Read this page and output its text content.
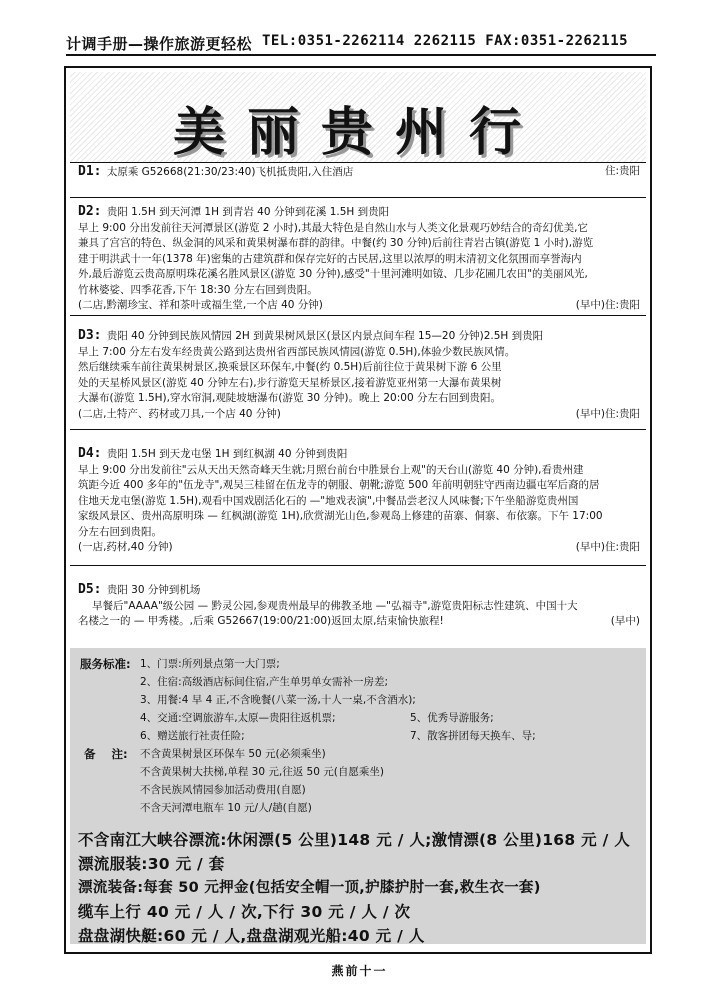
计调手册—操作旅游更轻松 TEL:0351-2262114 2262115 FAX:0351-2262115
美丽贵州行
D1: 太原乘 G52668(21:30/23:40)飞机抵贵阳,入住酒店	住:贵阳
D2: 贵阳 1.5H 到天河潭 1H 到青岩 40 分钟到花溪 1.5H 到贵阳
早上 9:00 分出发前往天河潭景区(游览 2 小时),其最大特色是自然山水与人类文化景观巧妙结合的奇幻优美,它
兼具了宫宫的特色、纵金洞的风采和黄果树瀑布群的韵律。中餐(约 30 分钟)后前往青岩古镇(游览 1 小时),游览
建于明洪武十一年(1378 年)密集的古建筑群和保存完好的古民居,这里以浓厚的明末清初文化氛围而享誉海内
外,最后游览云贵高原明珠花溪名胜风景区(游览 30 分钟),感受"十里河滩明如镜、几步花圃几农田"的美丽风光,
竹林婆娑、四季花香,下午 18:30 分左右回到贵阳。
(二店,黔潮珍宝、祥和茶叶或福生堂,一个店 40 分钟)	(早中)住:贵阳
D3: 贵阳 40 分钟到民族风情园 2H 到黄果树风景区(景区内景点间车程 15—20 分钟)2.5H 到贵阳
早上 7:00 分左右发车经贵黄公路到达贵州省西部民族风情园(游览 0.5H),体验少数民族风情。
然后继续乘车前往黄果树景区,换乘景区环保车,中餐(约 0.5H)后前往位于黄果树下游 6 公里
处的天星桥风景区(游览 40 分钟左右),步行游览天星桥景区,接着游览亚州第一大瀑布黄果树
大瀑布(游览 1.5H),穿水帘洞,观陡坡塘瀑布(游览 30 分钟)。晚上 20:00 分左右回到贵阳。
(二店,土特产、药材或刀具,一个店 40 分钟)	(早中)住:贵阳
D4: 贵阳 1.5H 到天龙屯堡 1H 到红枫湖 40 分钟到贵阳
早上 9:00 分出发前往"云从天出天然奇峰天生就;月照台前台中胜景台上观"的天台山(游览 40 分钟),看贵州建
筑距今近 400 多年的"伍龙寺",观吴三桂留在伍龙寺的朝服、朝靴;游览 500 年前明朝驻守西南边疆屯军后裔的居
住地天龙屯堡(游览 1.5H),观看中国戏剧活化石的 —"地戏表演",中餐品尝老汉人风味餐;下午坐船游览贵州国
家级风景区、贵州高原明珠 — 红枫湖(游览 1H),欣赏湖光山色,参观岛上修建的苗寨、侗寨、布依寨。下午 17:00
分左右回到贵阳。
(一店,药材,40 分钟)	(早中)住:贵阳
D5: 贵阳 30 分钟到机场
早餐后"AAAA"级公园 — 黔灵公园,参观贵州最早的佛教圣地 —"弘福寺",游览贵阳标志性建筑、中国十大
名楼之一的 — 甲秀楼。,后乘 G52667(19:00/21:00)返回太原,结束愉快旅程!	(早中)
服务标准: 1、门票:所列景点第一大门票;
2、住宿:高级酒店标间住宿,产生单男单女需补一房差;
3、用餐:4 早 4 正,不含晚餐(八菜一汤,十人一桌,不含酒水);
4、交通:空调旅游车,太原—贵阳往返机票;	5、优秀导游服务;
6、赠送旅行社责任险;	7、散客拼团每天换车、导;
备    注: 不含黄果树景区环保车 50 元(必须乘坐)
不含黄果树大扶梯,单程 30 元,往返 50 元(自愿乘坐)
不含民族风情园参加活动费用(自愿)
不含天河潭电瓶车 10 元/人/趟(自愿)
不含南江大峡谷漂流:休闲漂(5 公里)148 元 / 人;激情漂(8 公里)168 元 / 人
漂流服装:30 元 / 套
漂流装备:每套 50 元押金(包括安全帽一顶,护膝护肘一套,救生衣一套)
缆车上行 40 元 / 人 / 次,下行 30 元 / 人 / 次
盘盘湖快艇:60 元 / 人,盘盘湖观光船:40 元 / 人
燕前十一
